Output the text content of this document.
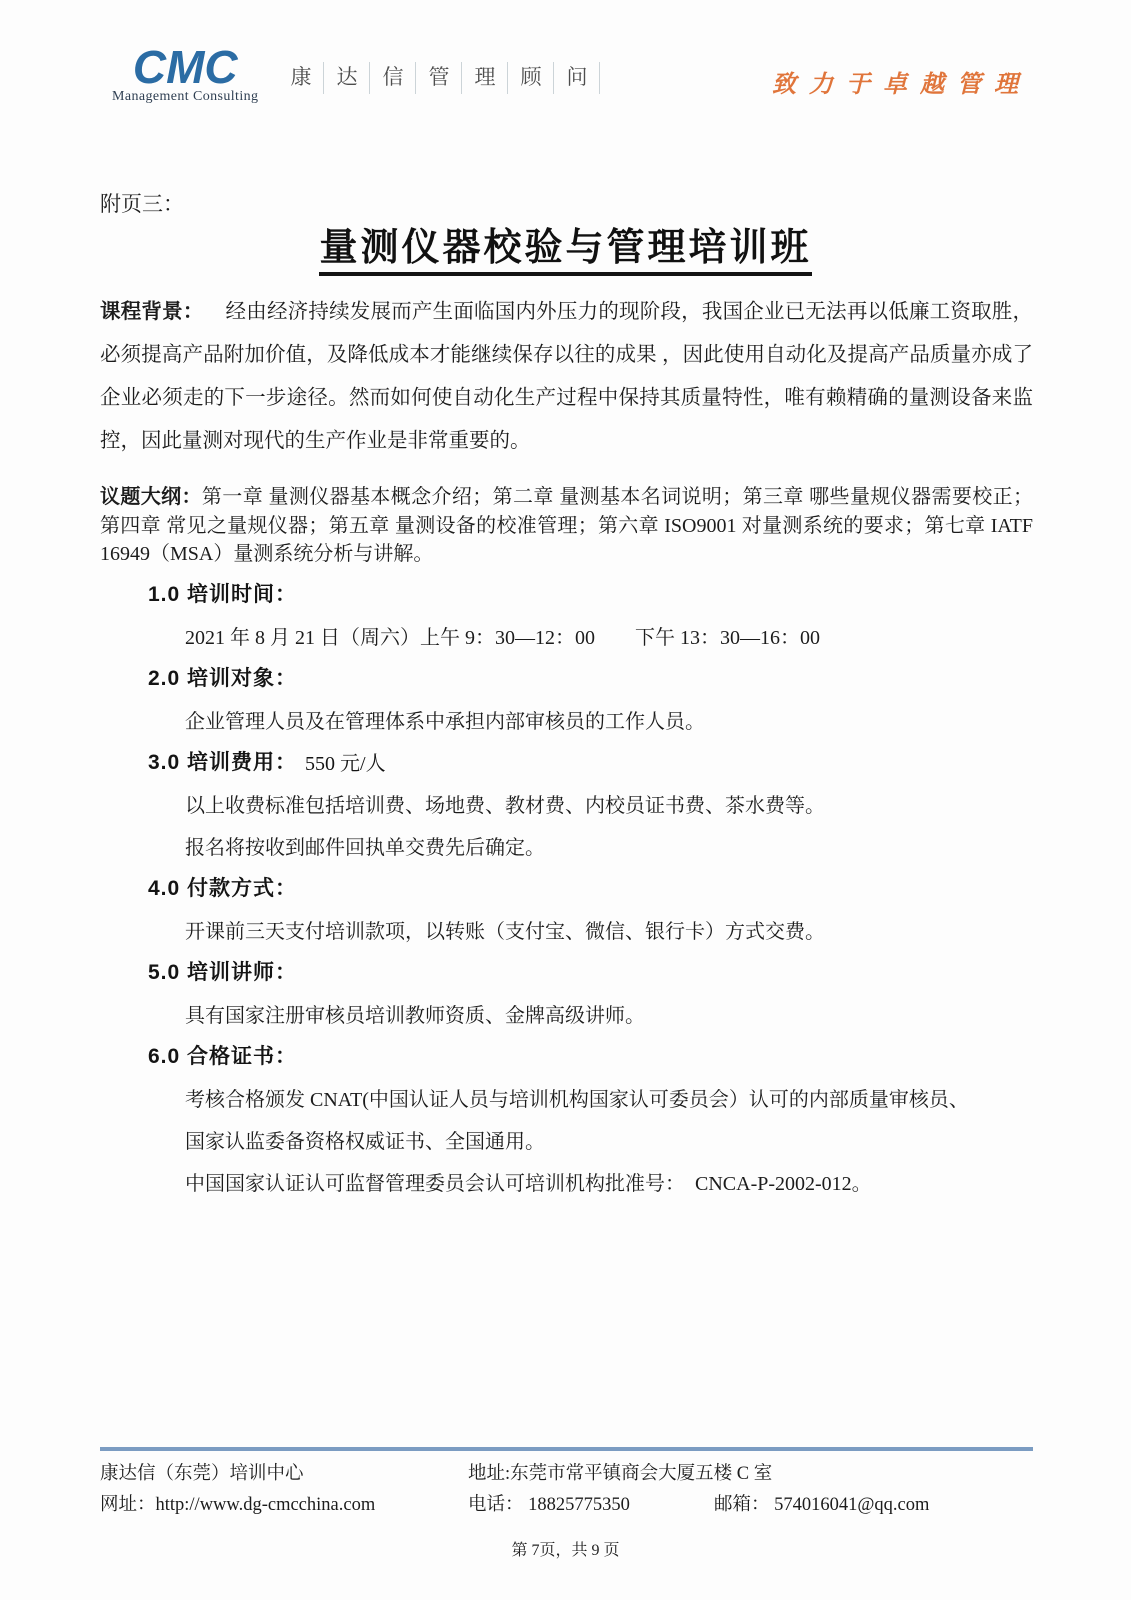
CMC
Management Consulting
康	达	信	管	理	顾	问	致力于卓越管理
附页三：
量测仪器校验与管理培训班

课程背景： 经由经济持续发展而产生面临国内外压力的现阶段，我国企业已无法再以低廉工资取胜，必须提高产品附加价值，及降低成本才能继续保存以往的成果 ，因此使用自动化及提高产品质量亦成了企业必须走的下一步途径。然而如何使自动化生产过程中保持其质量特性，唯有赖精确的量测设备来监控，因此量测对现代的生产作业是非常重要的。

议题大纲：第一章 量测仪器基本概念介绍；第二章 量测基本名词说明；第三章 哪些量规仪器需要校正；第四章 常见之量规仪器；第五章 量测设备的校准管理；第六章 ISO9001 对量测系统的要求；第七章 IATF 16949（MSA）量测系统分析与讲解。

1.0 培训时间：
2021 年 8 月 21 日（周六）上午 9：30—12：00　　下午 13：30—16：00
2.0 培训对象：
企业管理人员及在管理体系中承担内部审核员的工作人员。
3.0 培训费用： 550 元/人
以上收费标准包括培训费、场地费、教材费、内校员证书费、茶水费等。
报名将按收到邮件回执单交费先后确定。
4.0 付款方式：
开课前三天支付培训款项，以转账（支付宝、微信、银行卡）方式交费。
5.0 培训讲师：
具有国家注册审核员培训教师资质、金牌高级讲师。
6.0 合格证书：
考核合格颁发 CNAT(中国认证人员与培训机构国家认可委员会）认可的内部质量审核员、
国家认监委备资格权威证书、全国通用。
中国国家认证认可监督管理委员会认可培训机构批准号：　CNCA-P-2002-012。
康达信（东莞）培训中心	地址:东莞市常平镇商会大厦五楼 C 室
网址：http://www.dg-cmcchina.com	电话： 18825775350	邮箱： 574016041@qq.com
第 7页，共 9 页
